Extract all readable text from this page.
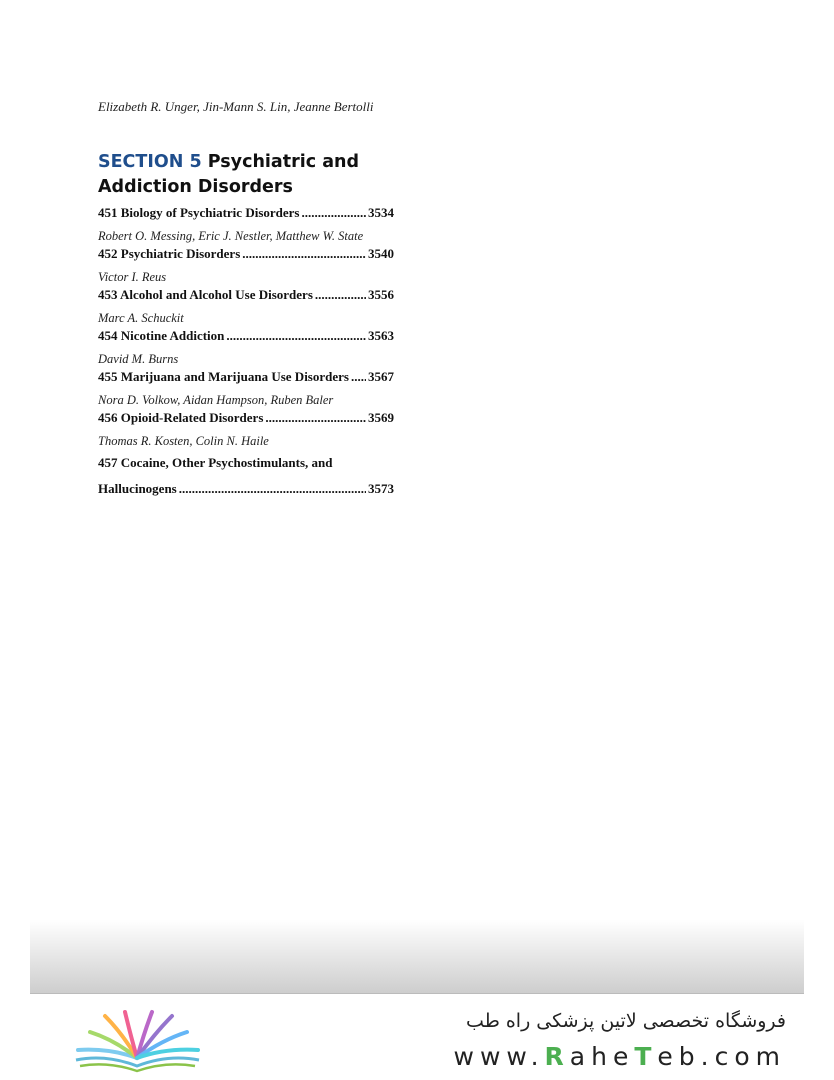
Elizabeth R. Unger, Jin-Mann S. Lin, Jeanne Bertolli
SECTION 5 Psychiatric and Addiction Disorders
451 Biology of Psychiatric Disorders .....	3534
Robert O. Messing, Eric J. Nestler, Matthew W. State
452 Psychiatric Disorders .....	3540
Victor I. Reus
453 Alcohol and Alcohol Use Disorders .....	3556
Marc A. Schuckit
454 Nicotine Addiction .....	3563
David M. Burns
455 Marijuana and Marijuana Use Disorders ..... 3567
Nora D. Volkow, Aidan Hampson, Ruben Baler
456 Opioid-Related Disorders .....	3569
Thomas R. Kosten, Colin N. Haile
457 Cocaine, Other Psychostimulants, and
Hallucinogens .....	3573
فروشگاه تخصصی لاتین پزشکی راه طب
www.RaheTeb.com
